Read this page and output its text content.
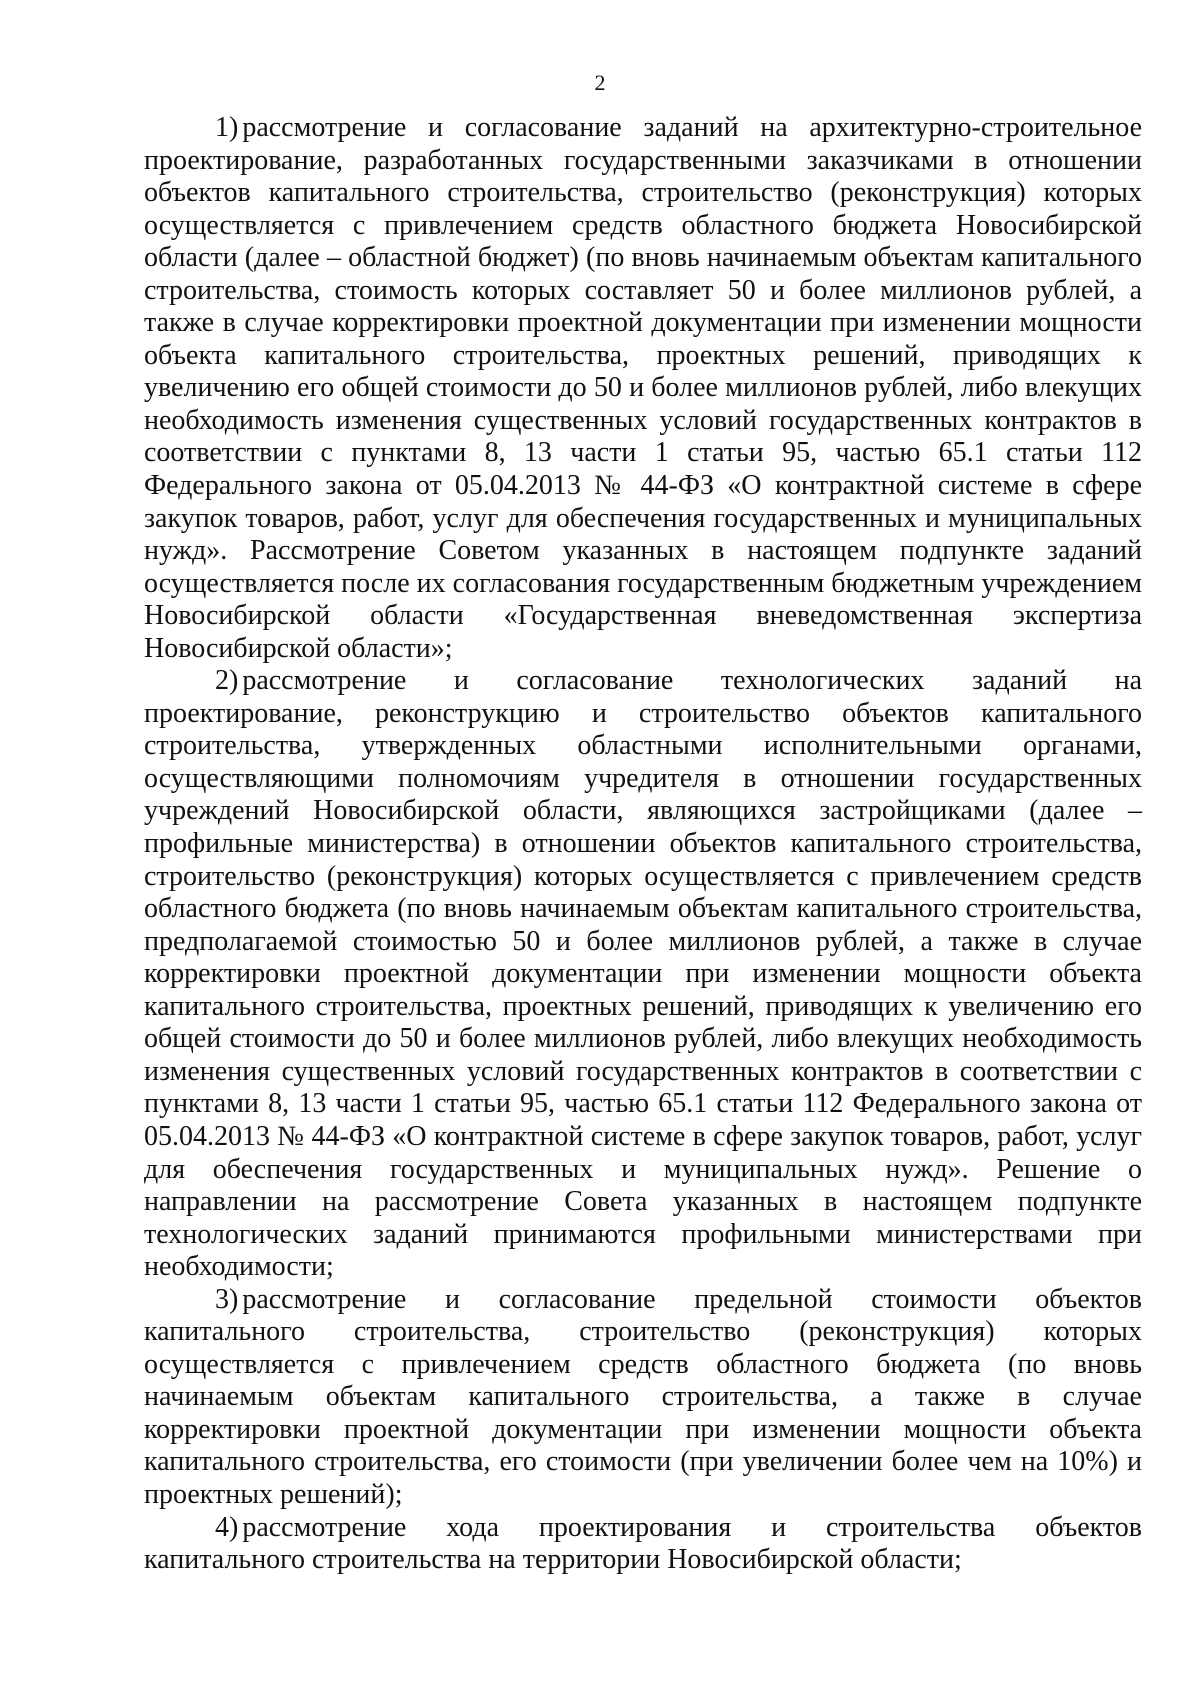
2

1) рассмотрение и согласование заданий на архитектурно-строительное проектирование, разработанных государственными заказчиками в отношении объектов капитального строительства, строительство (реконструкция) которых осуществляется с привлечением средств областного бюджета Новосибирской области (далее – областной бюджет) (по вновь начинаемым объектам капитального строительства, стоимость которых составляет 50 и более миллионов рублей, а также в случае корректировки проектной документации при изменении мощности объекта капитального строительства, проектных решений, приводящих к увеличению его общей стоимости до 50 и более миллионов рублей, либо влекущих необходимость изменения существенных условий государственных контрактов в соответствии с пунктами 8, 13 части 1 статьи 95, частью 65.1 статьи 112 Федерального закона от 05.04.2013 № 44-ФЗ «О контрактной системе в сфере закупок товаров, работ, услуг для обеспечения государственных и муниципальных нужд». Рассмотрение Советом указанных в настоящем подпункте заданий осуществляется после их согласования государственным бюджетным учреждением Новосибирской области «Государственная вневедомственная экспертиза Новосибирской области»;

2) рассмотрение и согласование технологических заданий на проектирование, реконструкцию и строительство объектов капитального строительства, утвержденных областными исполнительными органами, осуществляющими полномочиям учредителя в отношении государственных учреждений Новосибирской области, являющихся застройщиками (далее – профильные министерства) в отношении объектов капитального строительства, строительство (реконструкция) которых осуществляется с привлечением средств областного бюджета (по вновь начинаемым объектам капитального строительства, предполагаемой стоимостью 50 и более миллионов рублей, а также в случае корректировки проектной документации при изменении мощности объекта капитального строительства, проектных решений, приводящих к увеличению его общей стоимости до 50 и более миллионов рублей, либо влекущих необходимость изменения существенных условий государственных контрактов в соответствии с пунктами 8, 13 части 1 статьи 95, частью 65.1 статьи 112 Федерального закона от 05.04.2013 № 44-ФЗ «О контрактной системе в сфере закупок товаров, работ, услуг для обеспечения государственных и муниципальных нужд». Решение о направлении на рассмотрение Совета указанных в настоящем подпункте технологических заданий принимаются профильными министерствами при необходимости;

3) рассмотрение и согласование предельной стоимости объектов капитального строительства, строительство (реконструкция) которых осуществляется с привлечением средств областного бюджета (по вновь начинаемым объектам капитального строительства, а также в случае корректировки проектной документации при изменении мощности объекта капитального строительства, его стоимости (при увеличении более чем на 10%) и проектных решений);

4) рассмотрение хода проектирования и строительства объектов капитального строительства на территории Новосибирской области;
